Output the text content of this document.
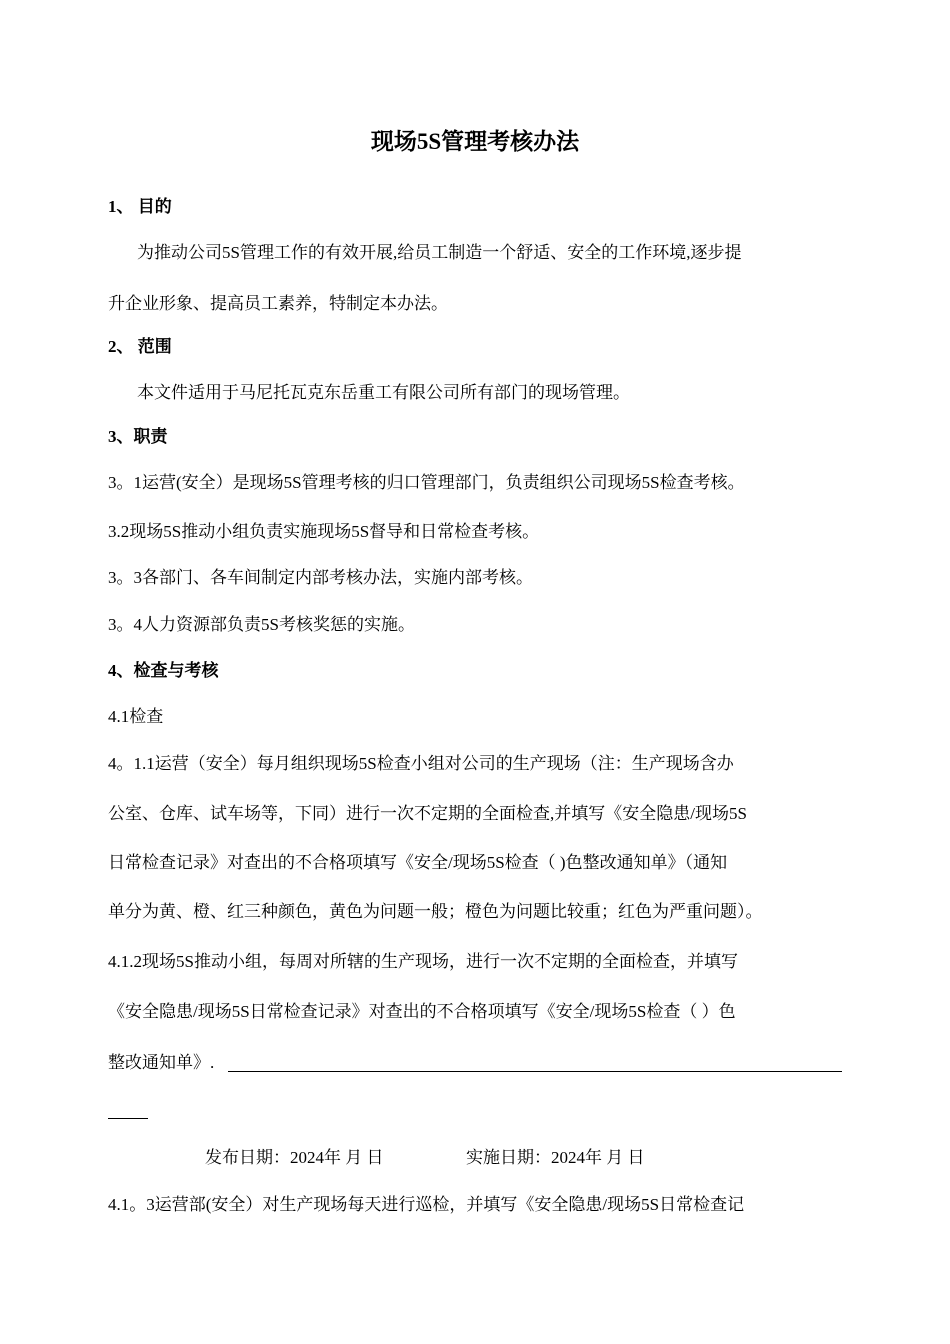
现场5S管理考核办法
1、 目的
为推动公司5S管理工作的有效开展,给员工制造一个舒适、安全的工作环境,逐步提
升企业形象、提高员工素养，特制定本办法。
2、 范围
本文件适用于马尼托瓦克东岳重工有限公司所有部门的现场管理。
3、职责
3。1运营(安全）是现场5S管理考核的归口管理部门，负责组织公司现场5S检查考核。
3.2现场5S推动小组负责实施现场5S督导和日常检查考核。
3。3各部门、各车间制定内部考核办法，实施内部考核。
3。4人力资源部负责5S考核奖惩的实施。
4、检查与考核
4.1检查
4。1.1运营（安全）每月组织现场5S检查小组对公司的生产现场（注：生产现场含办
公室、仓库、试车场等，下同）进行一次不定期的全面检查,并填写《安全隐患/现场5S
日常检查记录》对查出的不合格项填写《安全/现场5S检查（ )色整改通知单》（通知
单分为黄、橙、红三种颜色，黄色为问题一般；橙色为问题比较重；红色为严重问题）。
4.1.2现场5S推动小组，每周对所辖的生产现场，进行一次不定期的全面检查，并填写
《安全隐患/现场5S日常检查记录》对查出的不合格项填写《安全/现场5S检查（ ）色
整改通知单》.
发布日期：2024年 月 日	实施日期：2024年 月 日
4.1。3运营部(安全）对生产现场每天进行巡检，并填写《安全隐患/现场5S日常检查记
